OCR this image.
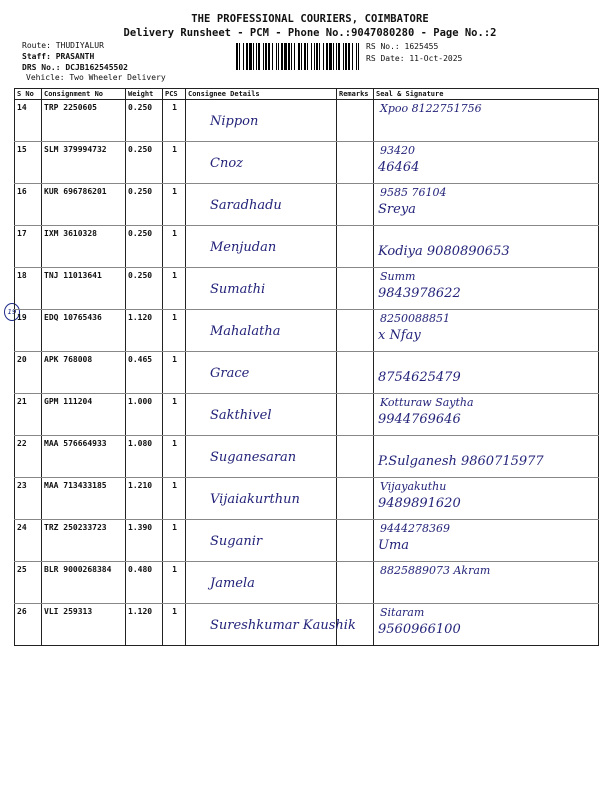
THE PROFESSIONAL COURIERS, COIMBATORE
Delivery Runsheet - PCM - Phone No.:9047080280 - Page No.:2
Route: THUDIYALUR
Staff: PRASANTH
DRS No.: DCJB162545502
Vehicle: Two Wheeler Delivery
RS No.: 1625455
RS Date: 11-Oct-2025
19
S No	Consignment No	Weight	PCS	Consignee Details	Remarks	Seal & Signature

14	TRP 2250605	0.250	1	Nippon		Xpoo 8122751756

15	SLM 379994732	0.250	1	Cnoz		93420
46464

16	KUR 696786201	0.250	1	Saradhadu		9585 76104
Sreya

17	IXM 3610328	0.250	1	Menjudan		Kodiya 9080890653

18	TNJ 11013641	0.250	1	Sumathi		Summ
9843978622

19	EDQ 10765436	1.120	1	Mahalatha		8250088851
x Nfay

20	APK 768008	0.465	1	Grace		8754625479

21	GPM 111204	1.000	1	Sakthivel		Kotturaw Saytha
9944769646

22	MAA 576664933	1.080	1	Suganesaran		P.Sulganesh 9860715977

23	MAA 713433185	1.210	1	Vijaiakurthun		Vijayakuthu
9489891620

24	TRZ 250233723	1.390	1	Suganir		9444278369
Uma

25	BLR 9000268384	0.480	1	Jamela		8825889073 Akram

26	VLI 259313	1.120	1	Sureshkumar Kaushik		Sitaram
9560966100
